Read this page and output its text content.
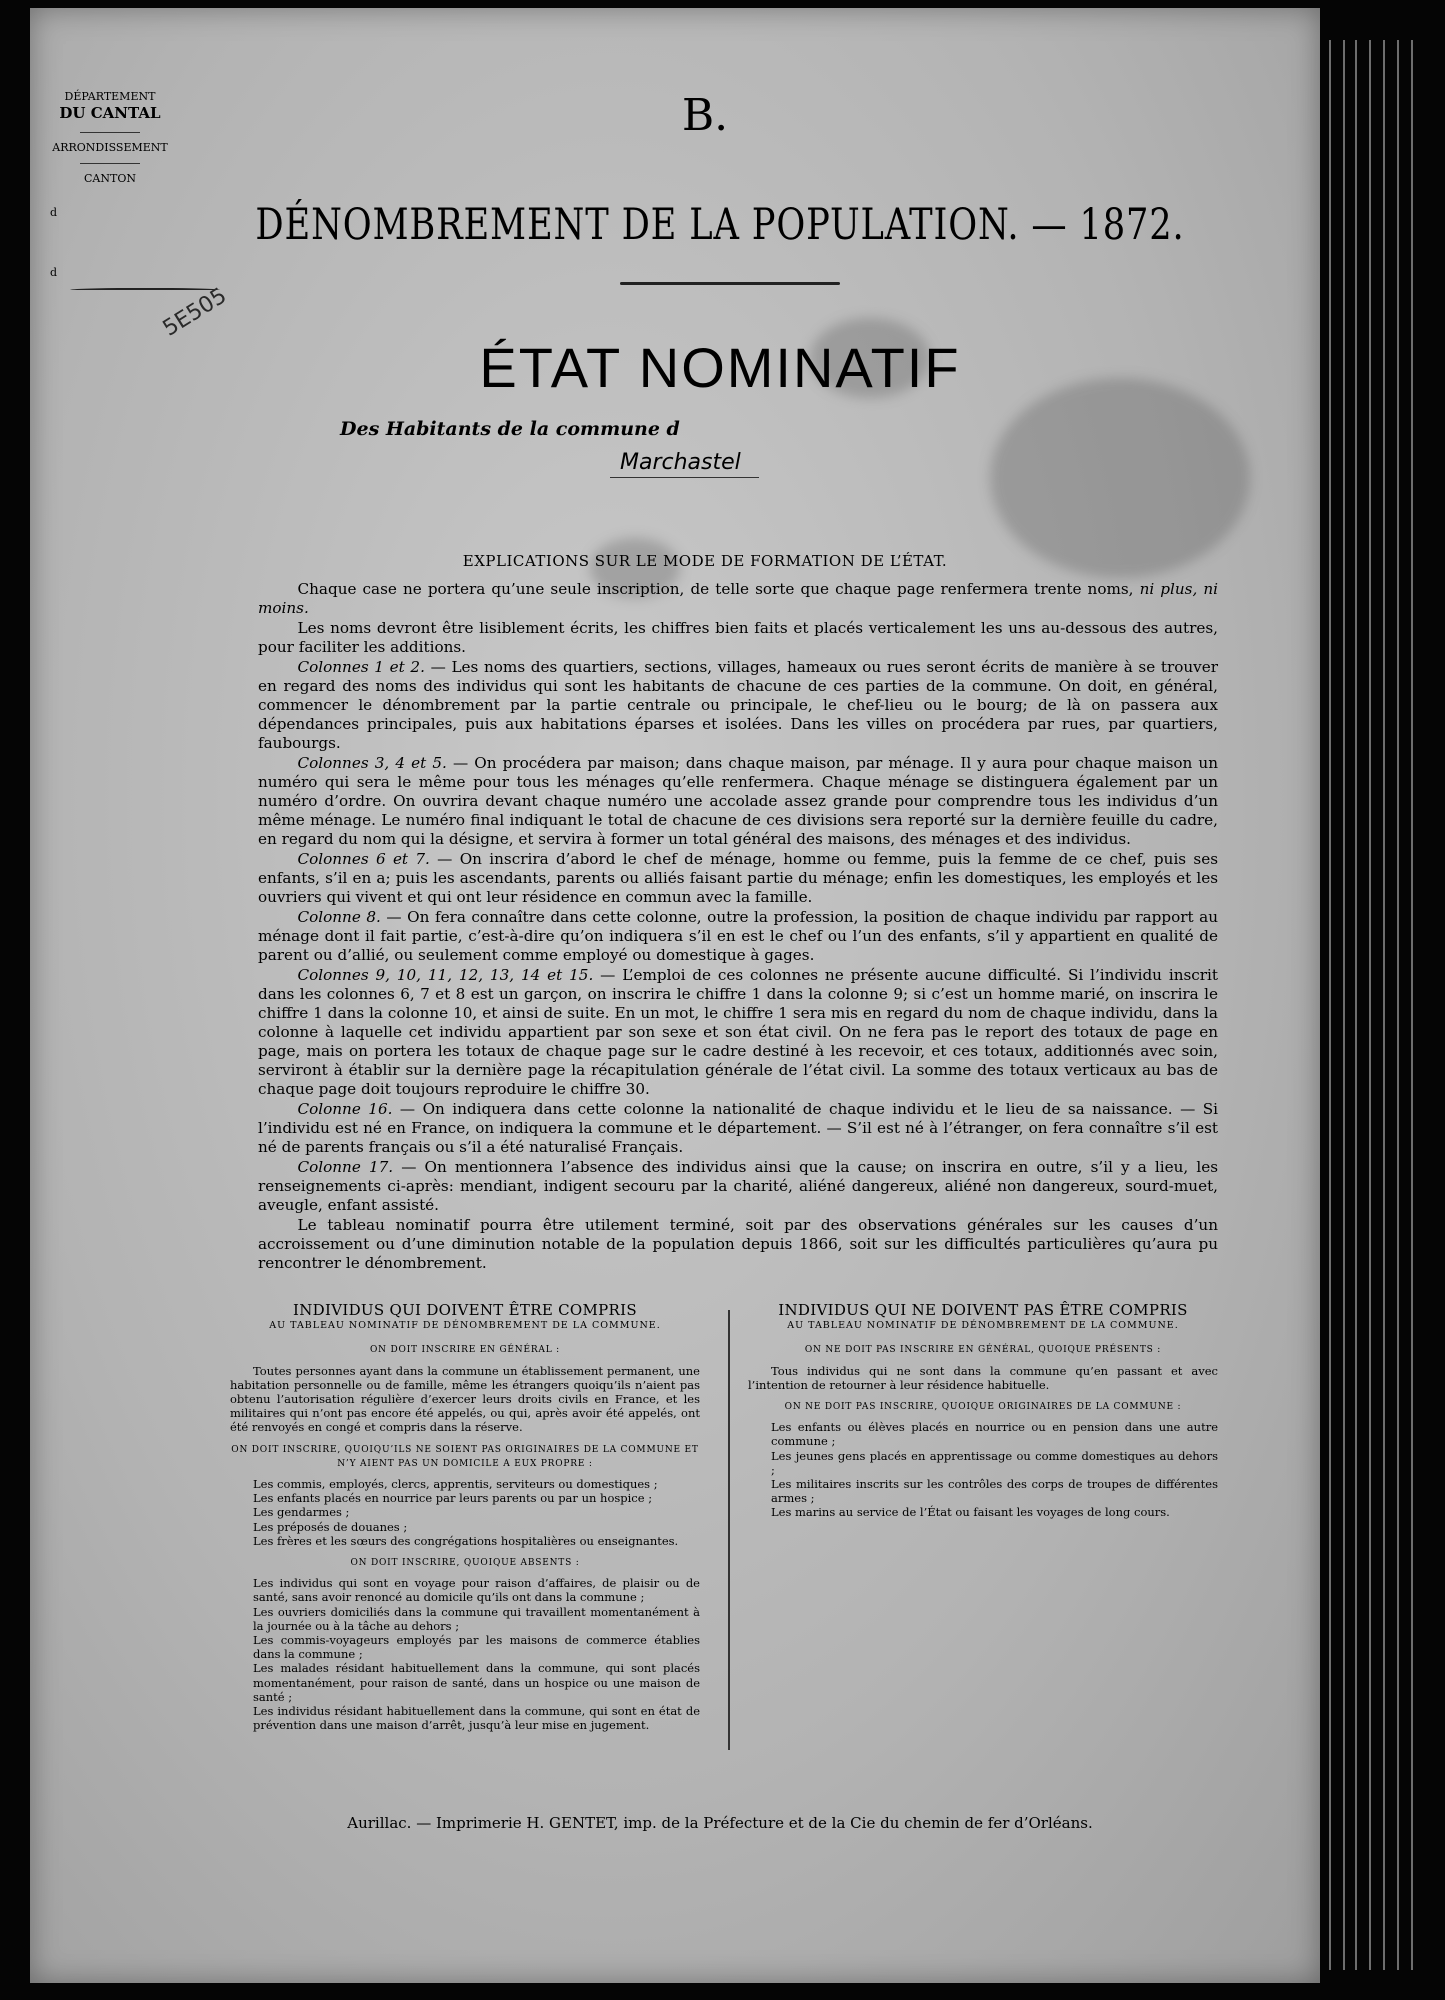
DÉPARTEMENT
DU CANTAL
ARRONDISSEMENT
CANTON
d
d
5E505
B.
DÉNOMBREMENT DE LA POPULATION. — 1872.
ÉTAT NOMINATIF
Des Habitants de la commune d
Marchastel
EXPLICATIONS SUR LE MODE DE FORMATION DE L’ÉTAT.

Chaque case ne portera qu’une seule inscription, de telle sorte que chaque page renfermera trente noms, ni plus, ni moins.

Les noms devront être lisiblement écrits, les chiffres bien faits et placés verticalement les uns au-dessous des autres, pour faciliter les additions.

Colonnes 1 et 2. — Les noms des quartiers, sections, villages, hameaux ou rues seront écrits de manière à se trouver en regard des noms des individus qui sont les habitants de chacune de ces parties de la commune. On doit, en général, commencer le dénombrement par la partie centrale ou principale, le chef-lieu ou le bourg; de là on passera aux dépendances principales, puis aux habitations éparses et isolées. Dans les villes on procédera par rues, par quartiers, faubourgs.

Colonnes 3, 4 et 5. — On procédera par maison; dans chaque maison, par ménage. Il y aura pour chaque maison un numéro qui sera le même pour tous les ménages qu’elle renfermera. Chaque ménage se distinguera également par un numéro d’ordre. On ouvrira devant chaque numéro une accolade assez grande pour comprendre tous les individus d’un même ménage. Le numéro final indiquant le total de chacune de ces divisions sera reporté sur la dernière feuille du cadre, en regard du nom qui la désigne, et servira à former un total général des maisons, des ménages et des individus.

Colonnes 6 et 7. — On inscrira d’abord le chef de ménage, homme ou femme, puis la femme de ce chef, puis ses enfants, s’il en a; puis les ascendants, parents ou alliés faisant partie du ménage; enfin les domestiques, les employés et les ouvriers qui vivent et qui ont leur résidence en commun avec la famille.

Colonne 8. — On fera connaître dans cette colonne, outre la profession, la position de chaque individu par rapport au ménage dont il fait partie, c’est-à-dire qu’on indiquera s’il en est le chef ou l’un des enfants, s’il y appartient en qualité de parent ou d’allié, ou seulement comme employé ou domestique à gages.

Colonnes 9, 10, 11, 12, 13, 14 et 15. — L’emploi de ces colonnes ne présente aucune difficulté. Si l’individu inscrit dans les colonnes 6, 7 et 8 est un garçon, on inscrira le chiffre 1 dans la colonne 9; si c’est un homme marié, on inscrira le chiffre 1 dans la colonne 10, et ainsi de suite. En un mot, le chiffre 1 sera mis en regard du nom de chaque individu, dans la colonne à laquelle cet individu appartient par son sexe et son état civil. On ne fera pas le report des totaux de page en page, mais on portera les totaux de chaque page sur le cadre destiné à les recevoir, et ces totaux, additionnés avec soin, serviront à établir sur la dernière page la récapitulation générale de l’état civil. La somme des totaux verticaux au bas de chaque page doit toujours reproduire le chiffre 30.

Colonne 16. — On indiquera dans cette colonne la nationalité de chaque individu et le lieu de sa naissance. — Si l’individu est né en France, on indiquera la commune et le département. — S’il est né à l’étranger, on fera connaître s’il est né de parents français ou s’il a été naturalisé Français.

Colonne 17. — On mentionnera l’absence des individus ainsi que la cause; on inscrira en outre, s’il y a lieu, les renseignements ci-après: mendiant, indigent secouru par la charité, aliéné dangereux, aliéné non dangereux, sourd-muet, aveugle, enfant assisté.

Le tableau nominatif pourra être utilement terminé, soit par des observations générales sur les causes d’un accroissement ou d’une diminution notable de la population depuis 1866, soit sur les difficultés particulières qu’aura pu rencontrer le dénombrement.

INDIVIDUS QUI DOIVENT ÊTRE COMPRIS
AU TABLEAU NOMINATIF DE DÉNOMBREMENT DE LA COMMUNE.
ON DOIT INSCRIRE EN GÉNÉRAL :

Toutes personnes ayant dans la commune un établissement permanent, une habitation personnelle ou de famille, même les étrangers quoiqu’ils n’aient pas obtenu l’autorisation régulière d’exercer leurs droits civils en France, et les militaires qui n’ont pas encore été appelés, ou qui, après avoir été appelés, ont été renvoyés en congé et compris dans la réserve.

ON DOIT INSCRIRE, QUOIQU’ILS NE SOIENT PAS ORIGINAIRES DE LA COMMUNE ET N’Y AIENT PAS UN DOMICILE A EUX PROPRE :

Les commis, employés, clercs, apprentis, serviteurs ou domestiques ;

Les enfants placés en nourrice par leurs parents ou par un hospice ;

Les gendarmes ;

Les préposés de douanes ;

Les frères et les sœurs des congrégations hospitalières ou enseignantes.

ON DOIT INSCRIRE, QUOIQUE ABSENTS :

Les individus qui sont en voyage pour raison d’affaires, de plaisir ou de santé, sans avoir renoncé au domicile qu’ils ont dans la commune ;

Les ouvriers domiciliés dans la commune qui travaillent momentanément à la journée ou à la tâche au dehors ;

Les commis-voyageurs employés par les maisons de commerce établies dans la commune ;

Les malades résidant habituellement dans la commune, qui sont placés momentanément, pour raison de santé, dans un hospice ou une maison de santé ;

Les individus résidant habituellement dans la commune, qui sont en état de prévention dans une maison d’arrêt, jusqu’à leur mise en jugement.

INDIVIDUS QUI NE DOIVENT PAS ÊTRE COMPRIS
AU TABLEAU NOMINATIF DE DÉNOMBREMENT DE LA COMMUNE.
ON NE DOIT PAS INSCRIRE EN GÉNÉRAL, QUOIQUE PRÉSENTS :

Tous individus qui ne sont dans la commune qu’en passant et avec l’intention de retourner à leur résidence habituelle.

ON NE DOIT PAS INSCRIRE, QUOIQUE ORIGINAIRES DE LA COMMUNE :

Les enfants ou élèves placés en nourrice ou en pension dans une autre commune ;

Les jeunes gens placés en apprentissage ou comme domestiques au dehors ;

Les militaires inscrits sur les contrôles des corps de troupes de différentes armes ;

Les marins au service de l’État ou faisant les voyages de long cours.

Aurillac. — Imprimerie H. GENTET, imp. de la Préfecture et de la Cie du chemin de fer d’Orléans.
